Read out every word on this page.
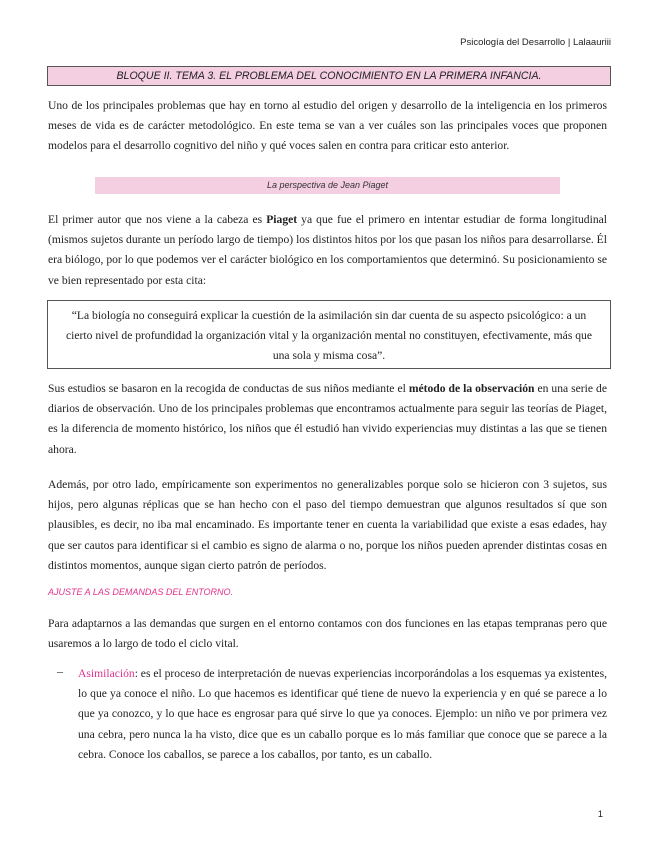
Psicología del Desarrollo | Lalaauriii
BLOQUE II. TEMA 3. EL PROBLEMA DEL CONOCIMIENTO EN LA PRIMERA INFANCIA.

Uno de los principales problemas que hay en torno al estudio del origen y desarrollo de la inteligencia en los primeros meses de vida es de carácter metodológico. En este tema se van a ver cuáles son las principales voces que proponen modelos para el desarrollo cognitivo del niño y qué voces salen en contra para criticar esto anterior.

La perspectiva de Jean Piaget

El primer autor que nos viene a la cabeza es Piaget ya que fue el primero en intentar estudiar de forma longitudinal (mismos sujetos durante un período largo de tiempo) los distintos hitos por los que pasan los niños para desarrollarse. Él era biólogo, por lo que podemos ver el carácter biológico en los comportamientos que determinó. Su posicionamiento se ve bien representado por esta cita:

“La biología no conseguirá explicar la cuestión de la asimilación sin dar cuenta de su aspecto psicológico: a un cierto nivel de profundidad la organización vital y la organización mental no constituyen, efectivamente, más que una sola y misma cosa”.

Sus estudios se basaron en la recogida de conductas de sus niños mediante el método de la observación en una serie de diarios de observación. Uno de los principales problemas que encontramos actualmente para seguir las teorías de Piaget, es la diferencia de momento histórico, los niños que él estudió han vivido experiencias muy distintas a las que se tienen ahora.

Además, por otro lado, empíricamente son experimentos no generalizables porque solo se hicieron con 3 sujetos, sus hijos, pero algunas réplicas que se han hecho con el paso del tiempo demuestran que algunos resultados sí que son plausibles, es decir, no iba mal encaminado. Es importante tener en cuenta la variabilidad que existe a esas edades, hay que ser cautos para identificar si el cambio es signo de alarma o no, porque los niños pueden aprender distintas cosas en distintos momentos, aunque sigan cierto patrón de períodos.

AJUSTE A LAS DEMANDAS DEL ENTORNO.

Para adaptarnos a las demandas que surgen en el entorno contamos con dos funciones en las etapas tempranas pero que usaremos a lo largo de todo el ciclo vital.

– Asimilación: es el proceso de interpretación de nuevas experiencias incorporándolas a los esquemas ya existentes, lo que ya conoce el niño. Lo que hacemos es identificar qué tiene de nuevo la experiencia y en qué se parece a lo que ya conozco, y lo que hace es engrosar para qué sirve lo que ya conoces. Ejemplo: un niño ve por primera vez una cebra, pero nunca la ha visto, dice que es un caballo porque es lo más familiar que conoce que se parece a la cebra. Conoce los caballos, se parece a los caballos, por tanto, es un caballo.

1
